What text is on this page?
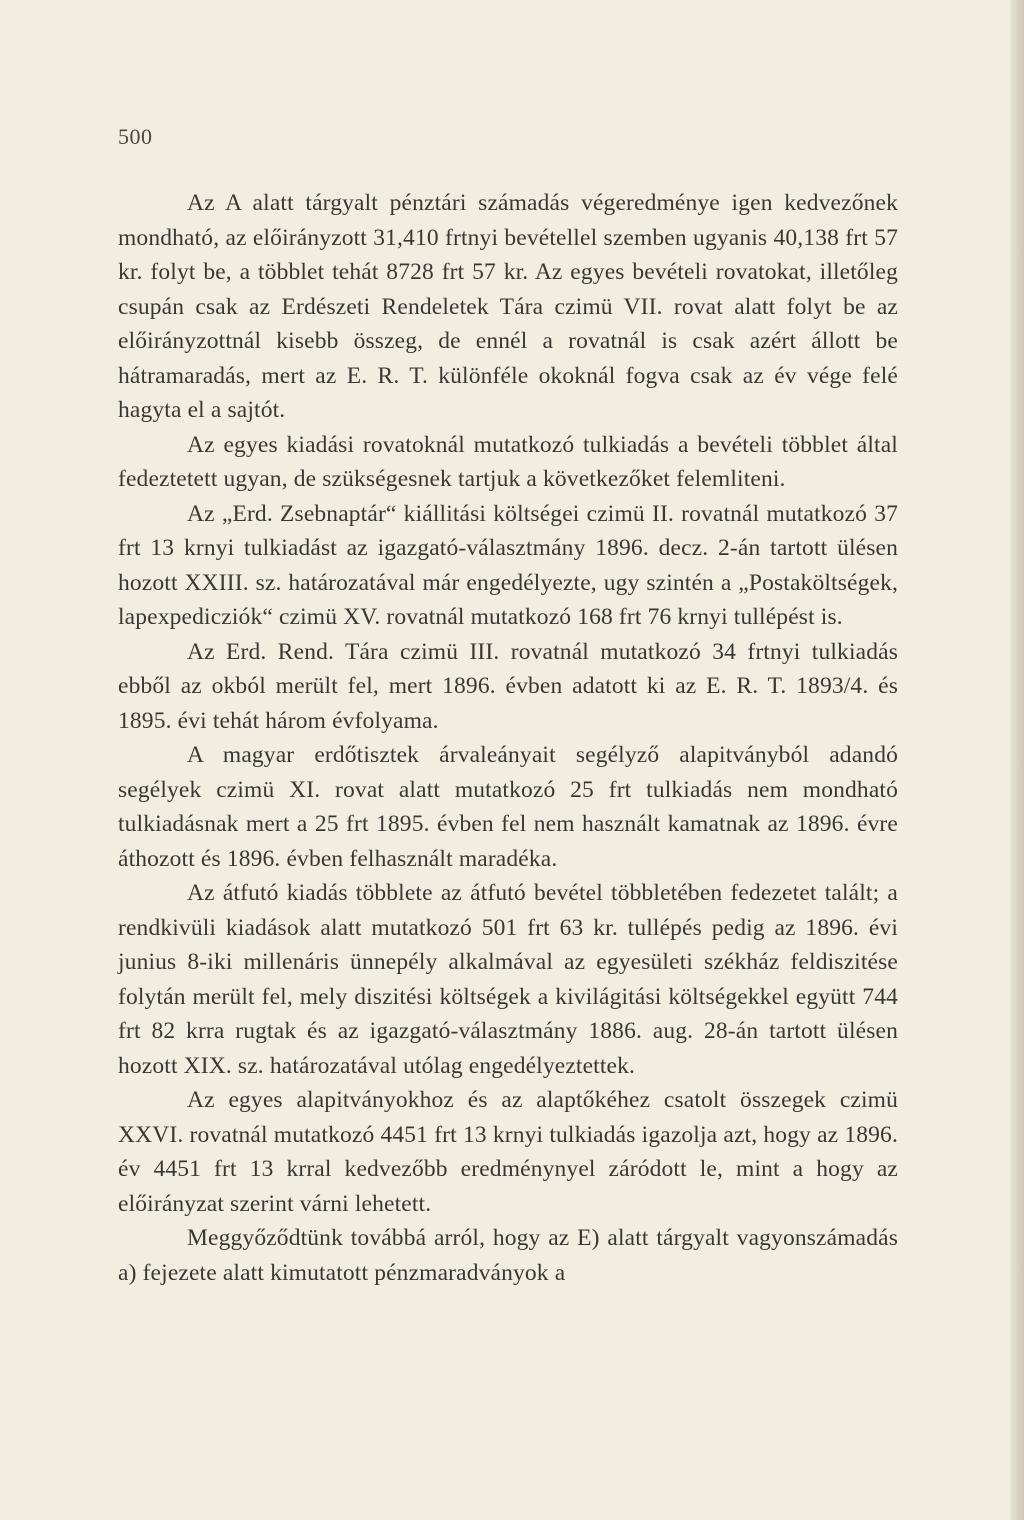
500

Az A alatt tárgyalt pénztári számadás végeredménye igen kedvezőnek mondható, az előirányzott 31,410 frtnyi bevétellel szemben ugyanis 40,138 frt 57 kr. folyt be, a többlet tehát 8728 frt 57 kr. Az egyes bevételi rovatokat, illetőleg csupán csak az Erdészeti Rendeletek Tára czimü VII. rovat alatt folyt be az előirányzottnál kisebb összeg, de ennél a rovatnál is csak azért állott be hátramaradás, mert az E. R. T. különféle okoknál fogva csak az év vége felé hagyta el a sajtót.

Az egyes kiadási rovatoknál mutatkozó tulkiadás a bevételi többlet által fedeztetett ugyan, de szükségesnek tartjuk a következőket felemliteni.

Az „Erd. Zsebnaptár“ kiállitási költségei czimü II. rovatnál mutatkozó 37 frt 13 krnyi tulkiadást az igazgató-választmány 1896. decz. 2-án tartott ülésen hozott XXIII. sz. határozatával már engedélyezte, ugy szintén a „Postaköltségek, lapexpedicziók“ czimü XV. rovatnál mutatkozó 168 frt 76 krnyi tullépést is.

Az Erd. Rend. Tára czimü III. rovatnál mutatkozó 34 frtnyi tulkiadás ebből az okból merült fel, mert 1896. évben adatott ki az E. R. T. 1893/4. és 1895. évi tehát három évfolyama.

A magyar erdőtisztek árvaleányait segélyző alapitványból adandó segélyek czimü XI. rovat alatt mutatkozó 25 frt tulkiadás nem mondható tulkiadásnak mert a 25 frt 1895. évben fel nem használt kamatnak az 1896. évre áthozott és 1896. évben felhasznált maradéka.

Az átfutó kiadás többlete az átfutó bevétel többletében fedezetet talált; a rendkivüli kiadások alatt mutatkozó 501 frt 63 kr. tullépés pedig az 1896. évi junius 8-iki millenáris ünnepély alkalmával az egyesületi székház feldiszitése folytán merült fel, mely diszitési költségek a kivilágitási költségekkel együtt 744 frt 82 krra rugtak és az igazgató-választmány 1886. aug. 28-án tartott ülésen hozott XIX. sz. határozatával utólag engedélyeztettek.

Az egyes alapitványokhoz és az alaptőkéhez csatolt összegek czimü XXVI. rovatnál mutatkozó 4451 frt 13 krnyi tulkiadás igazolja azt, hogy az 1896. év 4451 frt 13 krral kedvezőbb eredménynyel záródott le, mint a hogy az előirányzat szerint várni lehetett.

Meggyőződtünk továbbá arról, hogy az E) alatt tárgyalt vagyonszámadás a) fejezete alatt kimutatott pénzmaradványok a
